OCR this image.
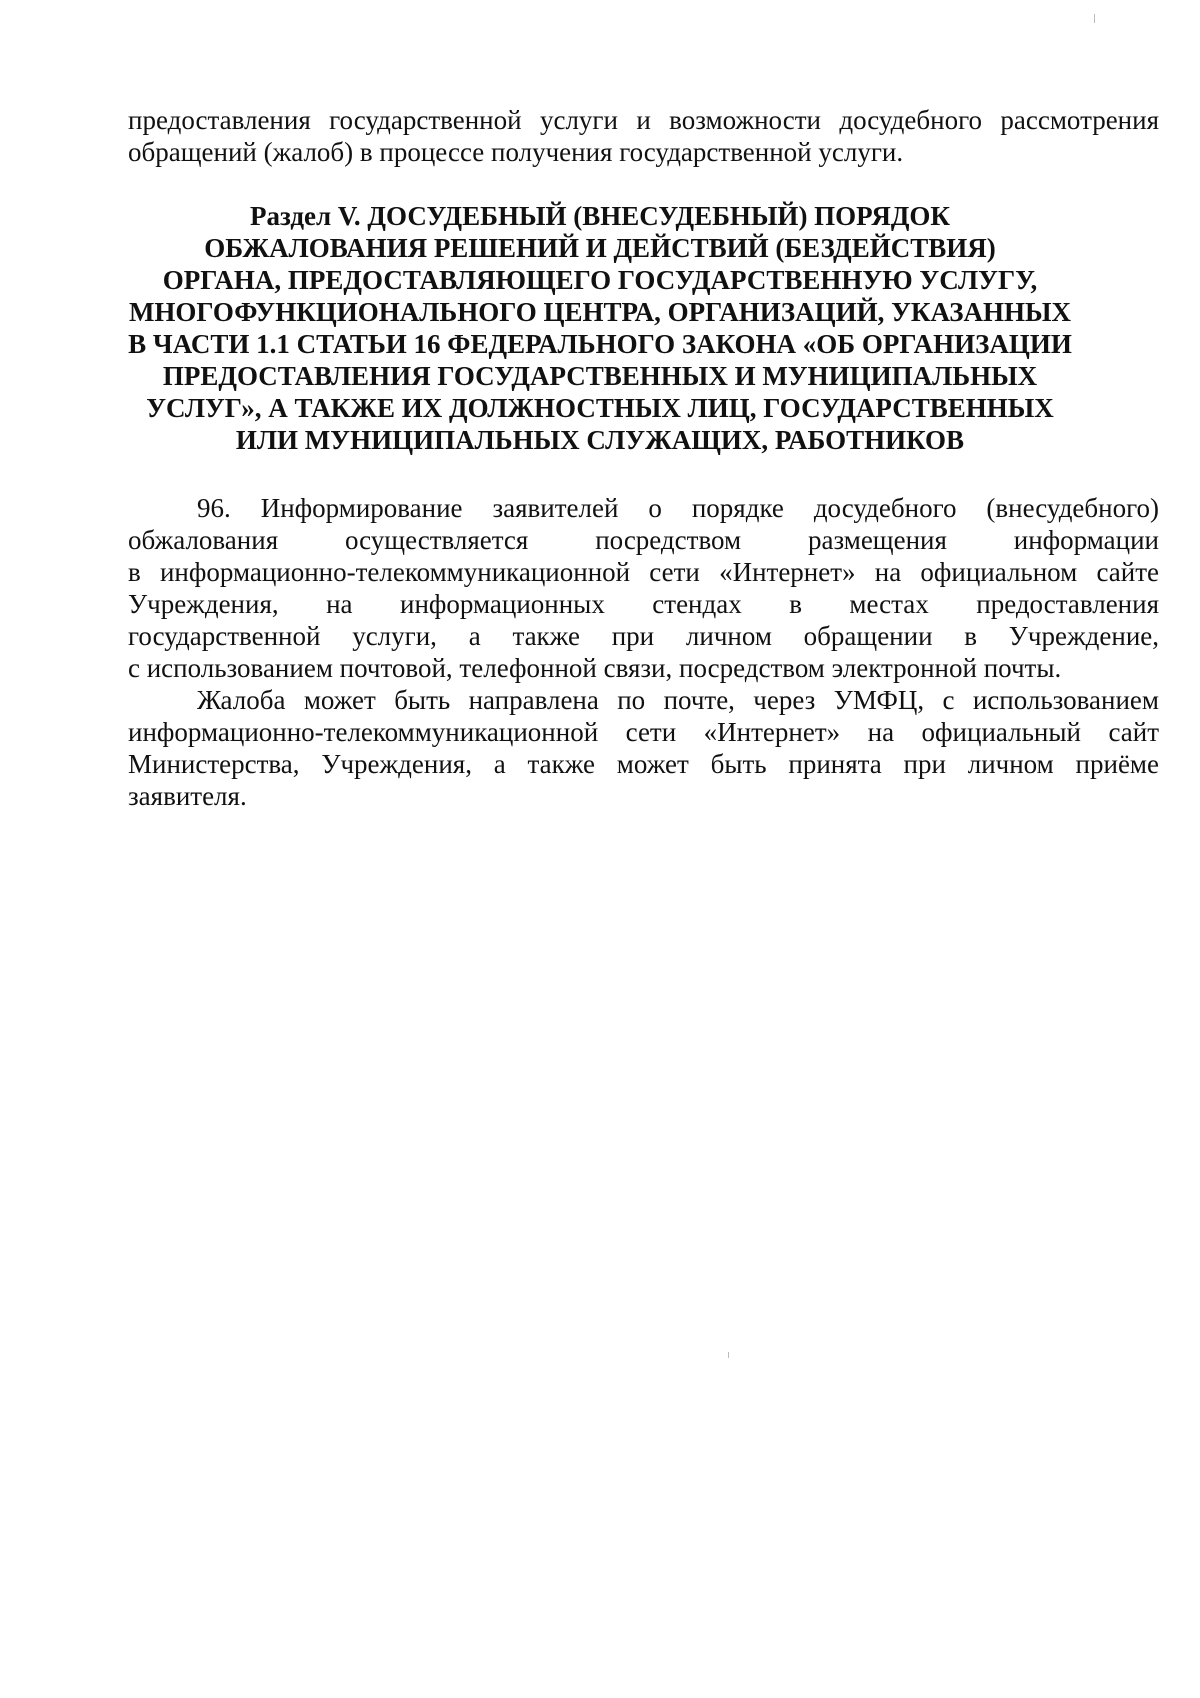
предоставления государственной услуги и возможности досудебного рассмотрения
обращений (жалоб) в процессе получения государственной услуги.
Раздел V. ДОСУДЕБНЫЙ (ВНЕСУДЕБНЫЙ) ПОРЯДОК
ОБЖАЛОВАНИЯ РЕШЕНИЙ И ДЕЙСТВИЙ (БЕЗДЕЙСТВИЯ)
ОРГАНА, ПРЕДОСТАВЛЯЮЩЕГО ГОСУДАРСТВЕННУЮ УСЛУГУ,
МНОГОФУНКЦИОНАЛЬНОГО ЦЕНТРА, ОРГАНИЗАЦИЙ, УКАЗАННЫХ
В ЧАСТИ 1.1 СТАТЬИ 16 ФЕДЕРАЛЬНОГО ЗАКОНА «ОБ ОРГАНИЗАЦИИ
ПРЕДОСТАВЛЕНИЯ ГОСУДАРСТВЕННЫХ И МУНИЦИПАЛЬНЫХ
УСЛУГ», А ТАКЖЕ ИХ ДОЛЖНОСТНЫХ ЛИЦ, ГОСУДАРСТВЕННЫХ
ИЛИ МУНИЦИПАЛЬНЫХ СЛУЖАЩИХ, РАБОТНИКОВ
96. Информирование заявителей о порядке досудебного (внесудебного)
обжалования осуществляется посредством размещения информации
в информационно-телекоммуникационной сети «Интернет» на официальном сайте
Учреждения, на информационных стендах в местах предоставления
государственной услуги, а также при личном обращении в Учреждение,
с использованием почтовой, телефонной связи, посредством электронной почты.
Жалоба может быть направлена по почте, через УМФЦ, с использованием
информационно-телекоммуникационной сети «Интернет» на официальный сайт
Министерства, Учреждения, а также может быть принята при личном приёме
заявителя.
